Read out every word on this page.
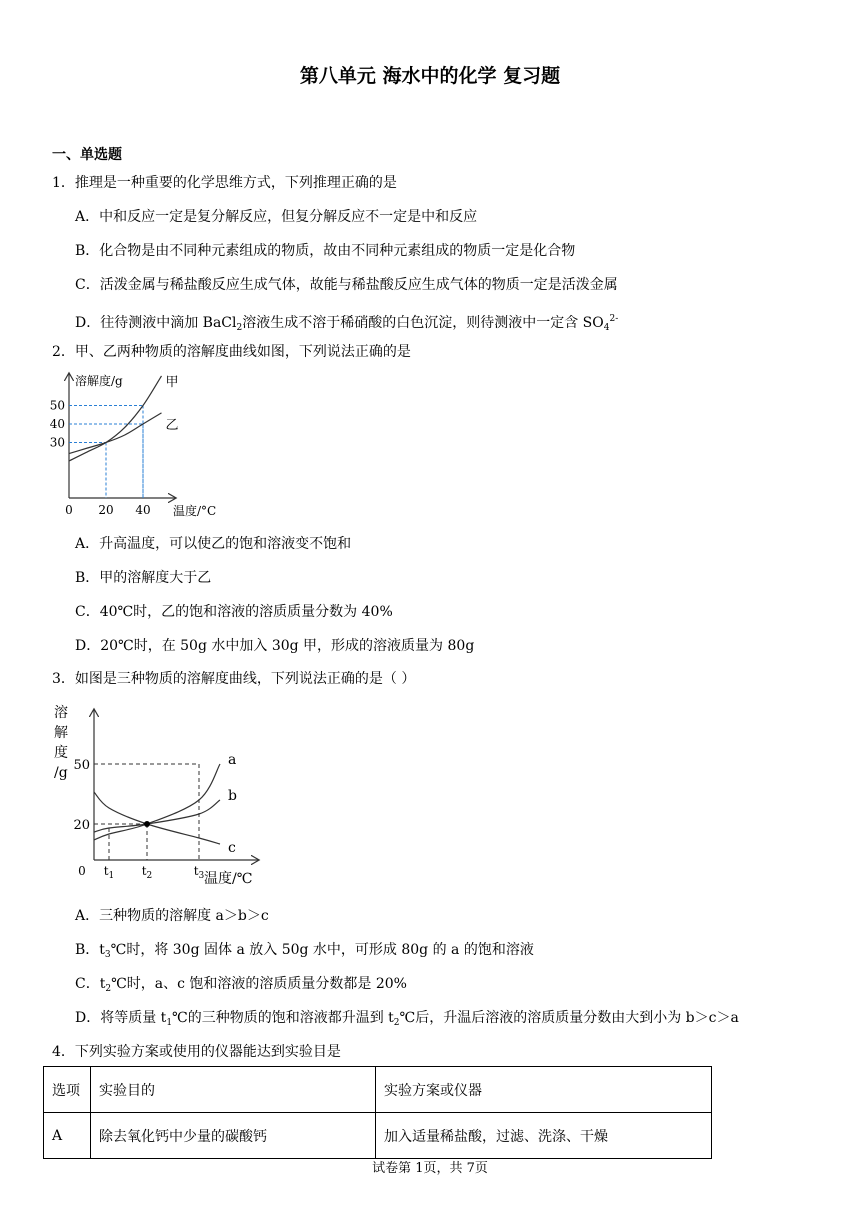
第八单元 海水中的化学 复习题
一、单选题
1．推理是一种重要的化学思维方式，下列推理正确的是
A．中和反应一定是复分解反应，但复分解反应不一定是中和反应
B．化合物是由不同种元素组成的物质，故由不同种元素组成的物质一定是化合物
C．活泼金属与稀盐酸反应生成气体，故能与稀盐酸反应生成气体的物质一定是活泼金属
D．往待测液中滴加 BaCl$_2$溶液生成不溶于稀硝酸的白色沉淀，则待测液中一定含 $SO_4^{2-}$
2．甲、乙两种物质的溶解度曲线如图，下列说法正确的是
溶解度/g
温度/°C
30
40
50
0 20 40
甲
乙
A．升高温度，可以使乙的饱和溶液变不饱和
B．甲的溶解度大于乙
C．40℃时，乙的饱和溶液的溶质质量分数为 40%
D．20℃时，在 50g 水中加入 30g 甲，形成的溶液质量为 80g
3．如图是三种物质的溶解度曲线，下列说法正确的是（ ）
溶
解
度
/g
温度/℃
20
50
0 $t_1$ $t_2$	$t_3$
a
b
c
A．三种物质的溶解度 a＞b＞c
B．$t_3℃$时，将 30g 固体 a 放入 50g 水中，可形成 80g 的 a 的饱和溶液
C．$t_2℃$时，a、c 饱和溶液的溶质质量分数都是 20%
D．将等质量 $t_1℃$的三种物质的饱和溶液都升温到 $t_2℃$后，升温后溶液的溶质质量分数由大到小为 b＞c＞a
4．下列实验方案或使用的仪器能达到实验目是
选项	实验目的	实验方案或仪器
A	除去氧化钙中少量的碳酸钙	加入适量稀盐酸，过滤、洗涤、干燥
试卷第 1页，共 7页
